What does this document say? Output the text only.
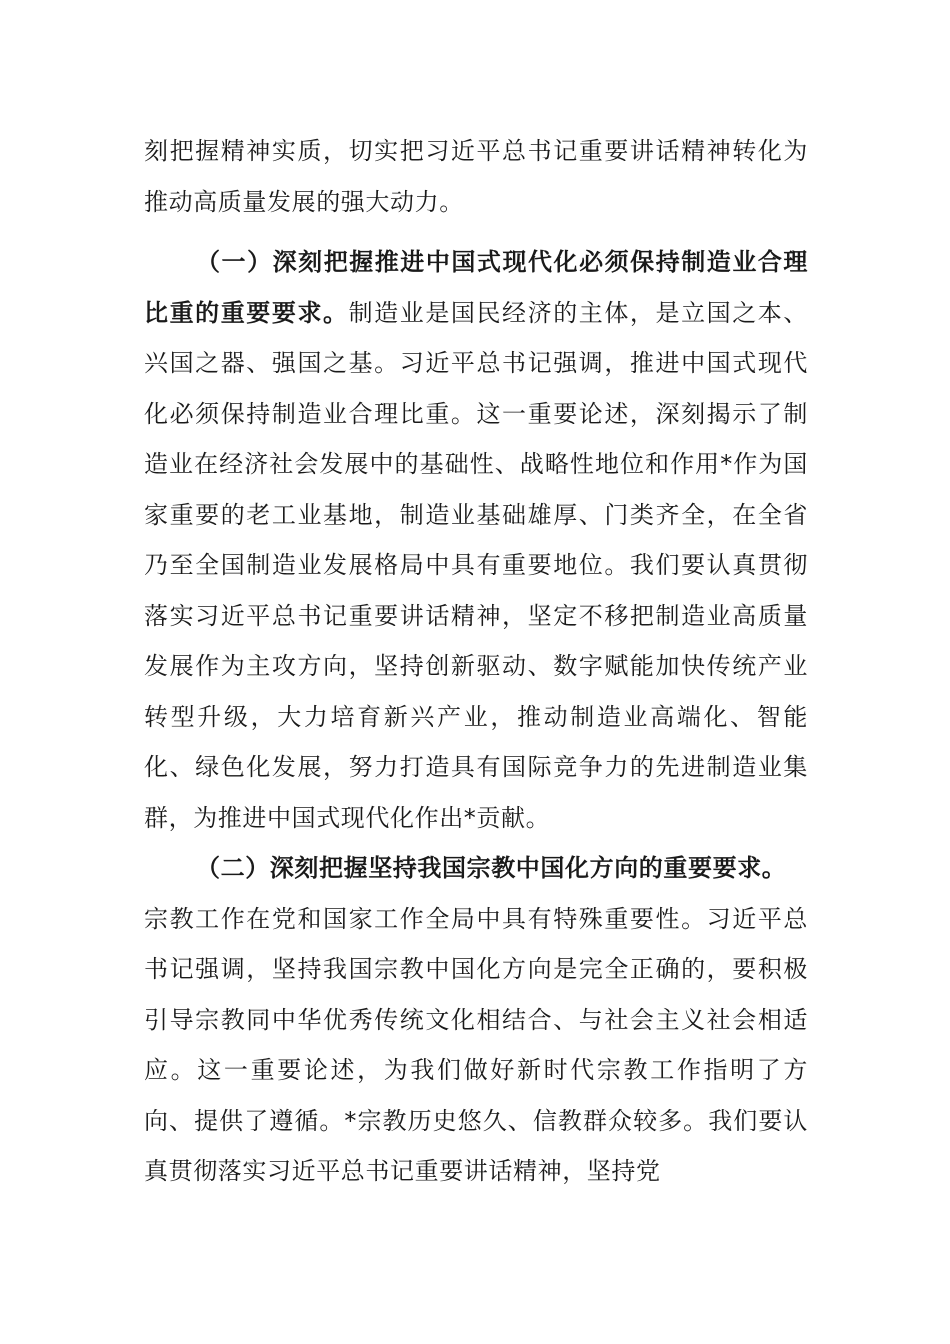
刻把握精神实质，切实把习近平总书记重要讲话精神转化为推动高质量发展的强大动力。

（一）深刻把握推进中国式现代化必须保持制造业合理比重的重要要求。制造业是国民经济的主体，是立国之本、兴国之器、强国之基。习近平总书记强调，推进中国式现代化必须保持制造业合理比重。这一重要论述，深刻揭示了制造业在经济社会发展中的基础性、战略性地位和作用*作为国家重要的老工业基地，制造业基础雄厚、门类齐全，在全省乃至全国制造业发展格局中具有重要地位。我们要认真贯彻落实习近平总书记重要讲话精神，坚定不移把制造业高质量发展作为主攻方向，坚持创新驱动、数字赋能加快传统产业转型升级，大力培育新兴产业，推动制造业高端化、智能化、绿色化发展，努力打造具有国际竞争力的先进制造业集群，为推进中国式现代化作出*贡献。

（二）深刻把握坚持我国宗教中国化方向的重要要求。

宗教工作在党和国家工作全局中具有特殊重要性。习近平总书记强调，坚持我国宗教中国化方向是完全正确的，要积极引导宗教同中华优秀传统文化相结合、与社会主义社会相适应。这一重要论述，为我们做好新时代宗教工作指明了方向、提供了遵循。*宗教历史悠久、信教群众较多。我们要认真贯彻落实习近平总书记重要讲话精神，坚持党
